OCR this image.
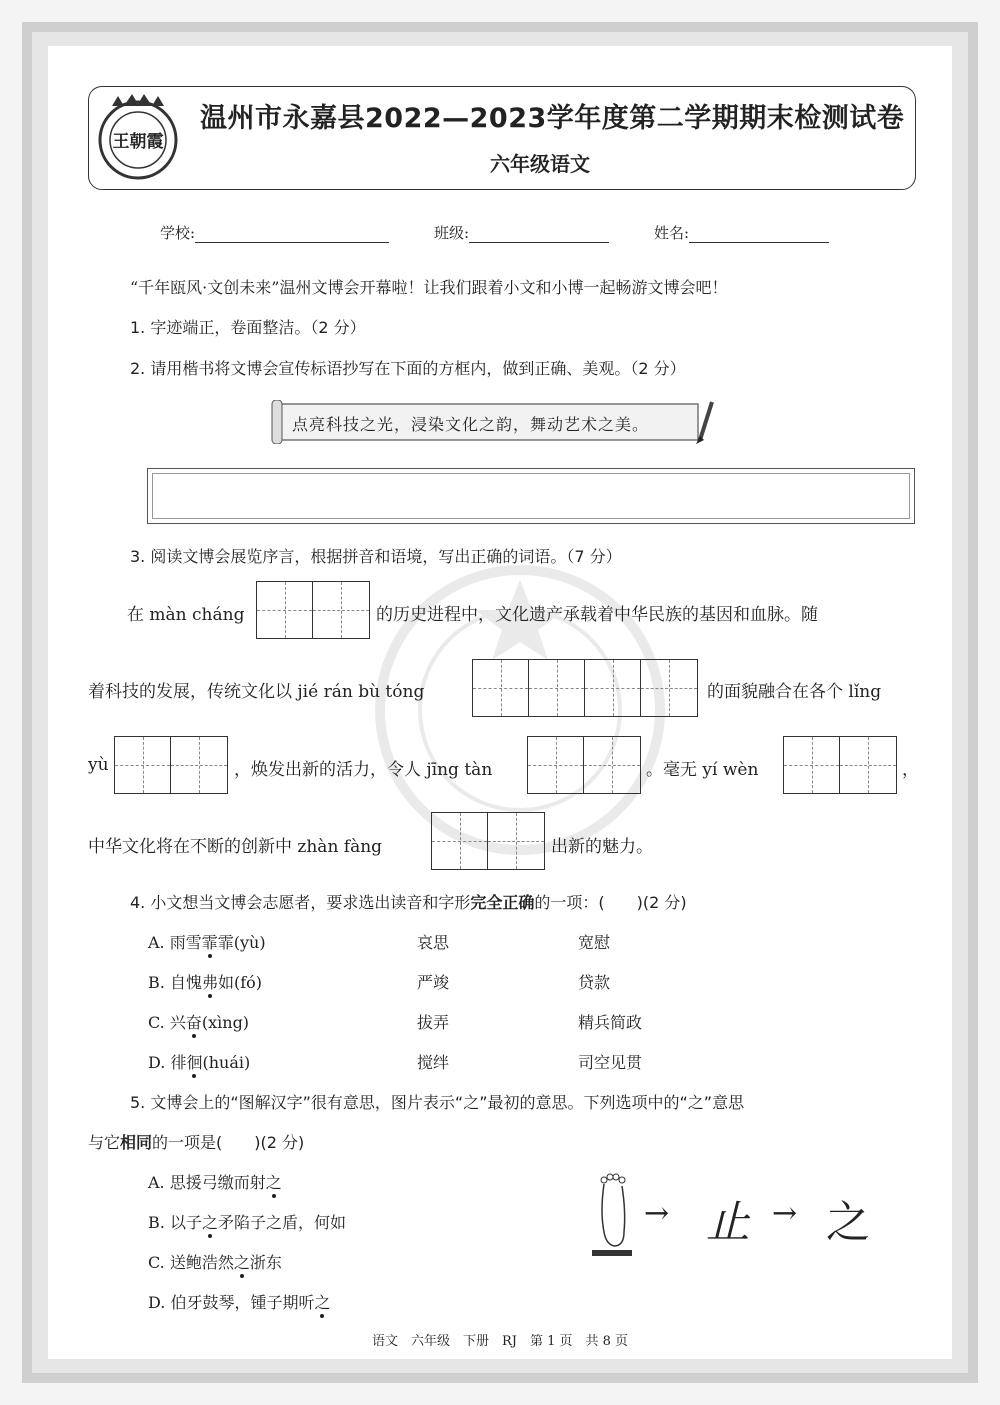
王朝霞
温州市永嘉县2022—2023学年度第二学期期末检测试卷
六年级语文
学校:	班级:	姓名:
“千年瓯风·文创未来”温州文博会开幕啦！让我们跟着小文和小博一起畅游文博会吧！
1. 字迹端正，卷面整洁。（2 分）
2. 请用楷书将文博会宣传标语抄写在下面的方框内，做到正确、美观。（2 分）
点亮科技之光，浸染文化之韵，舞动艺术之美。
3. 阅读文博会展览序言，根据拼音和语境，写出正确的词语。（7 分）
在 màn cháng	的历史进程中，文化遗产承载着中华民族的基因和血脉。随
着科技的发展，传统文化以 jié rán bù tóng	的面貌融合在各个 lǐng
yù	，焕发出新的活力，令人 jīng tàn	。毫无 yí wèn	，
中华文化将在不断的创新中 zhàn fàng	出新的魅力。
4. 小文想当文博会志愿者，要求选出读音和字形完全正确的一项：(　　)(2 分)
A. 雨雪霏霏(yù)	哀思	宽慰
B. 自愧弗如(fó)	严竣	贷款
C. 兴奋(xìng)	拔弄	精兵简政
D. 徘徊(huái)	搅绊	司空见贯
5. 文博会上的“图解汉字”很有意思，图片表示“之”最初的意思。下列选项中的“之”意思
与它相同的一项是(　　)(2 分)
A. 思援弓缴而射之
B. 以子之矛陷子之盾，何如
C. 送鲍浩然之浙东
D. 伯牙鼓琴，锺子期听之
→ 止 → 之
语文　六年级　下册　RJ　第 1 页　共 8 页
